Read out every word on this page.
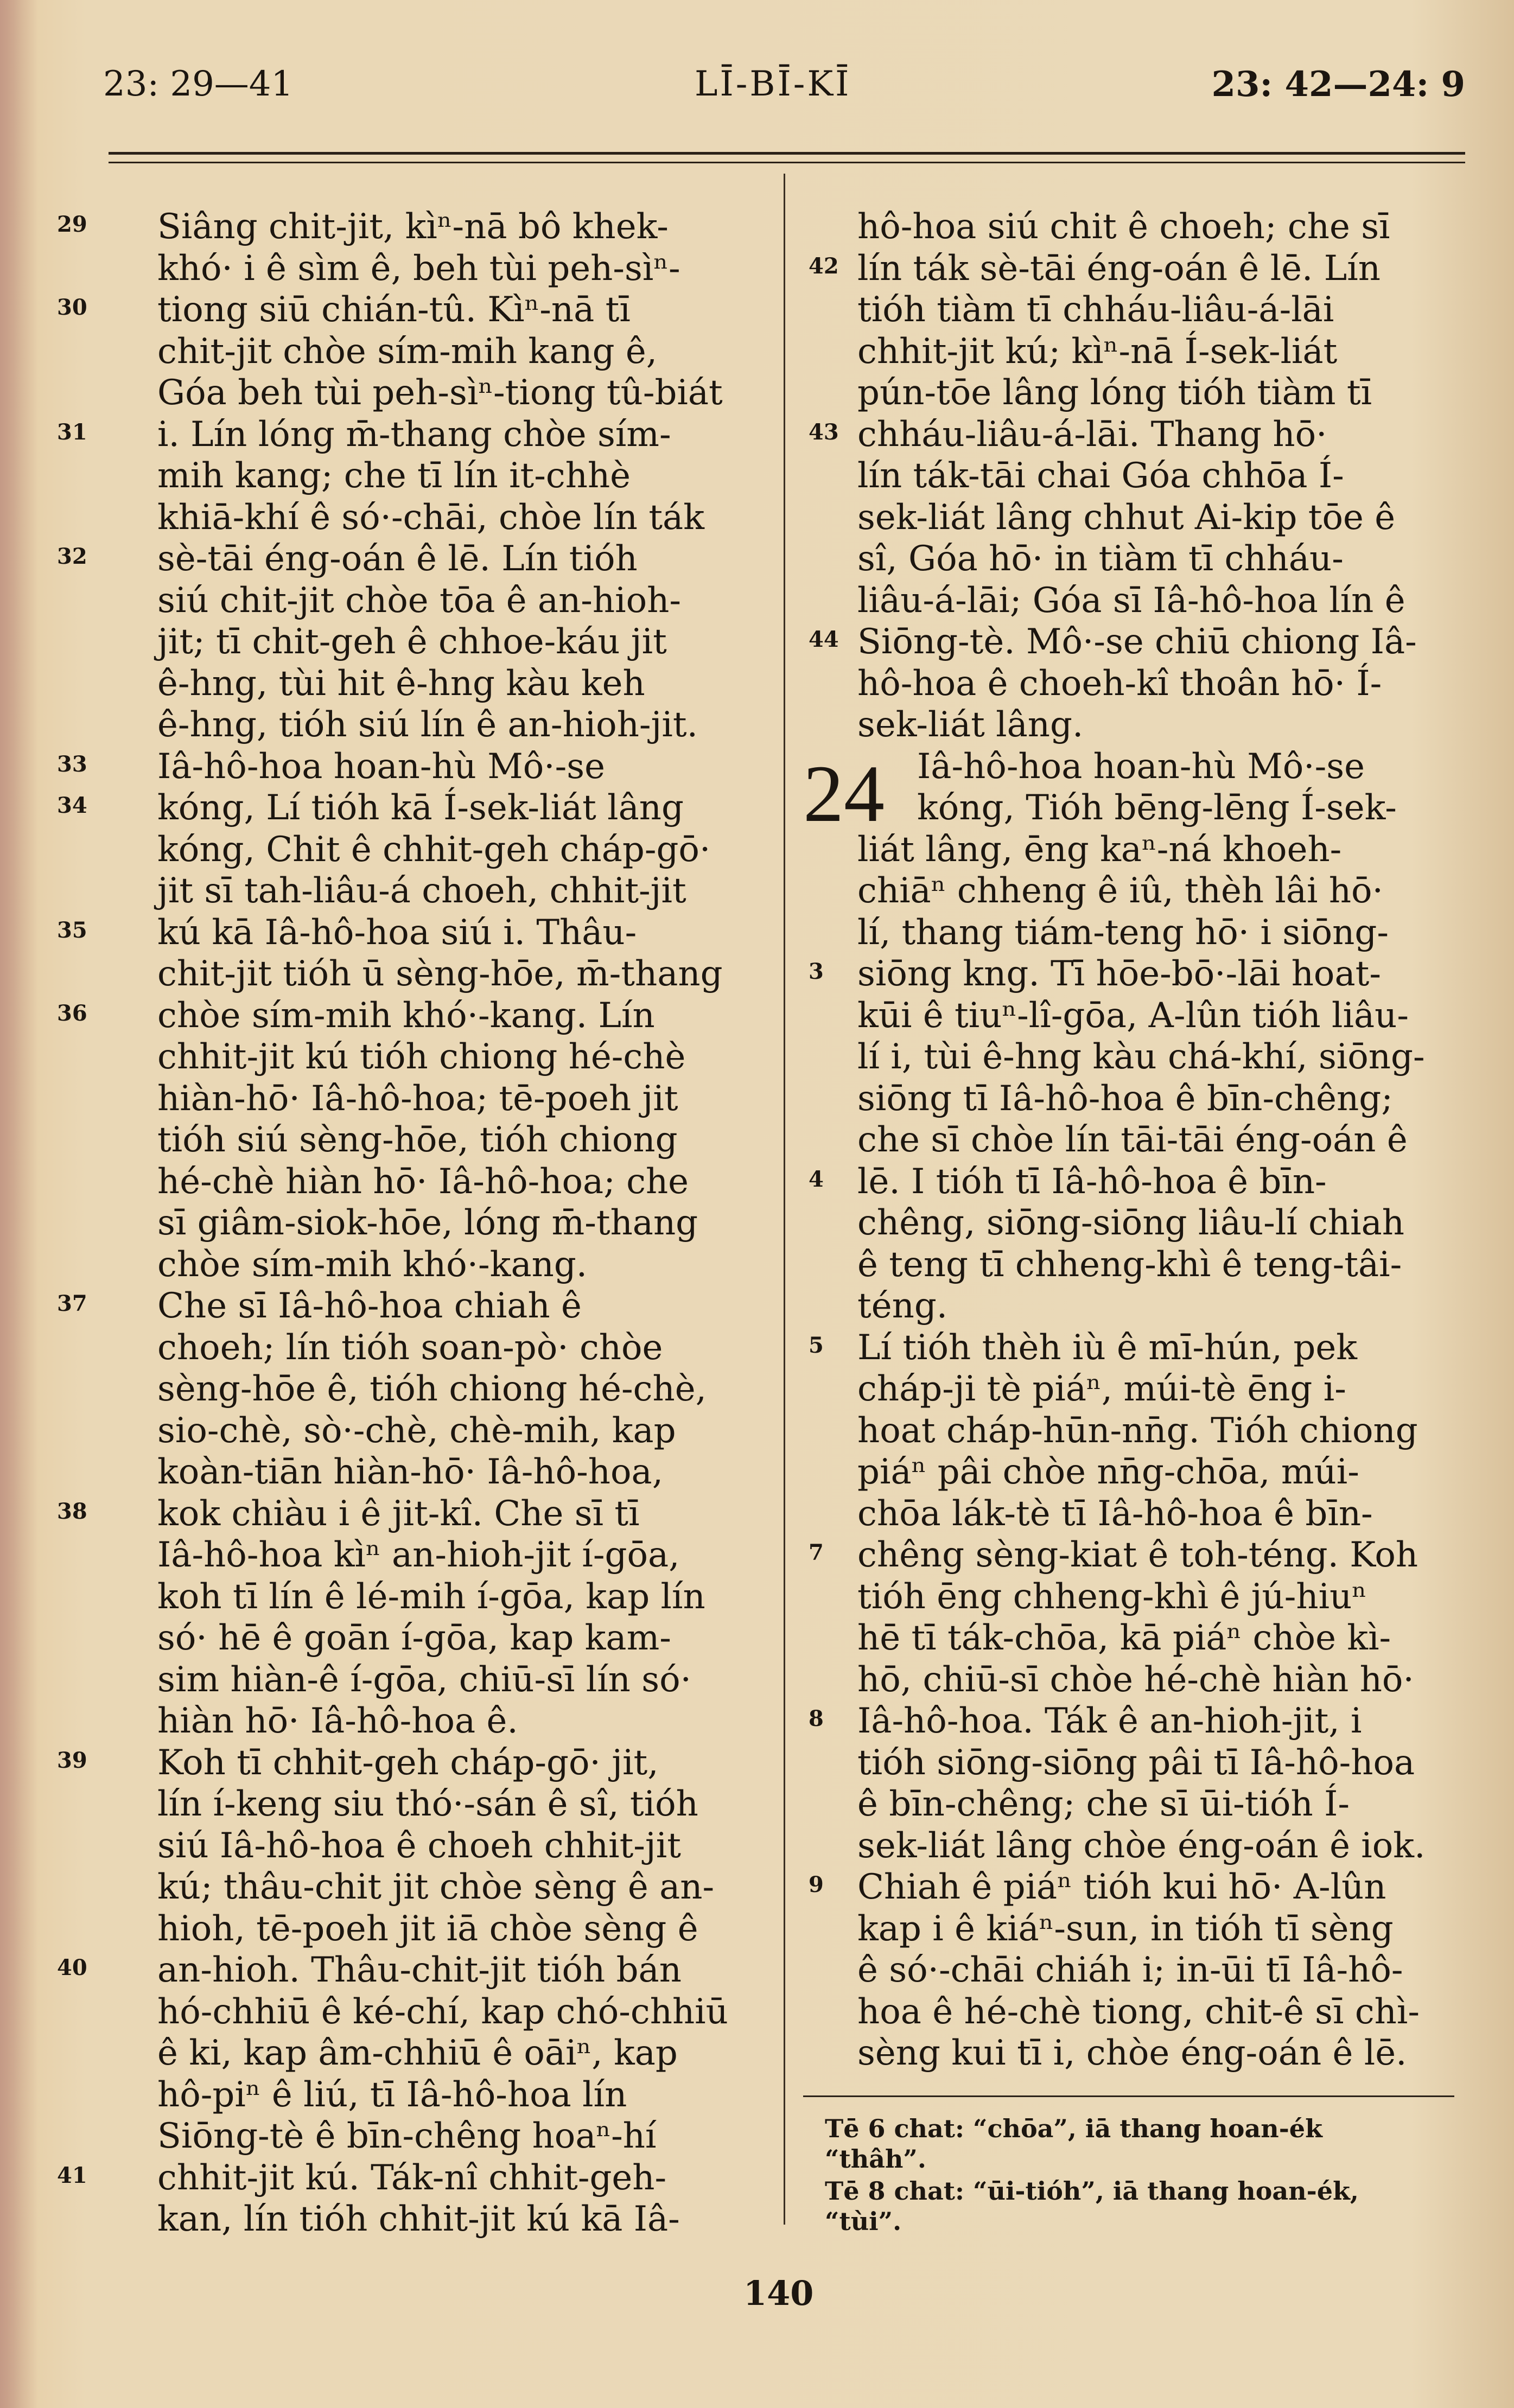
23: 29—41	LĪ-BĪ-KĪ	23: 42—24: 9
29 Siâng chit-jit, kìⁿ-nā bô khek-
khó· i ê sìm ê, beh tùi peh-sìⁿ-
30 tiong siū chián-tû. Kìⁿ-nā tī
chit-jit chòe sím-mih kang ê,
Góa beh tùi peh-sìⁿ-tiong tû-biát
31 i. Lín lóng m̄-thang chòe sím-
mih kang; che tī lín it-chhè
khiā-khí ê só·-chāi, chòe lín ták
32 sè-tāi éng-oán ê lē. Lín tióh
siú chit-jit chòe tōa ê an-hioh-
jit; tī chit-geh ê chhoe-káu jit
ê-hng, tùi hit ê-hng kàu keh
ê-hng, tióh siú lín ê an-hioh-jit.
33 Iâ-hô-hoa hoan-hù Mô·-se
34 kóng, Lí tióh kā Í-sek-liát lâng
kóng, Chit ê chhit-geh cháp-gō·
jit sī tah-liâu-á choeh, chhit-jit
35 kú kā Iâ-hô-hoa siú i. Thâu-
chit-jit tióh ū sèng-hōe, m̄-thang
36 chòe sím-mih khó·-kang. Lín
chhit-jit kú tióh chiong hé-chè
hiàn-hō· Iâ-hô-hoa; tē-poeh jit
tióh siú sèng-hōe, tióh chiong
hé-chè hiàn hō· Iâ-hô-hoa; che
sī giâm-siok-hōe, lóng m̄-thang
chòe sím-mih khó·-kang.
37 Che sī Iâ-hô-hoa chiah ê
choeh; lín tióh soan-pò· chòe
sèng-hōe ê, tióh chiong hé-chè,
sio-chè, sò·-chè, chè-mih, kap
koàn-tiān hiàn-hō· Iâ-hô-hoa,
38 kok chiàu i ê jit-kî. Che sī tī
Iâ-hô-hoa kìⁿ an-hioh-jit í-gōa,
koh tī lín ê lé-mih í-gōa, kap lín
só· hē ê goān í-gōa, kap kam-
sim hiàn-ê í-gōa, chiū-sī lín só·
hiàn hō· Iâ-hô-hoa ê.
39 Koh tī chhit-geh cháp-gō· jit,
lín í-keng siu thó·-sán ê sî, tióh
siú Iâ-hô-hoa ê choeh chhit-jit
kú; thâu-chit jit chòe sèng ê an-
hioh, tē-poeh jit iā chòe sèng ê
40 an-hioh. Thâu-chit-jit tióh bán
hó-chhiū ê ké-chí, kap chó-chhiū
ê ki, kap âm-chhiū ê oāiⁿ, kap
hô-piⁿ ê liú, tī Iâ-hô-hoa lín
Siōng-tè ê bīn-chêng hoaⁿ-hí
41 chhit-jit kú. Ták-nî chhit-geh-
kan, lín tióh chhit-jit kú kā Iâ-
hô-hoa siú chit ê choeh; che sī
42 lín ták sè-tāi éng-oán ê lē. Lín
tióh tiàm tī chháu-liâu-á-lāi
chhit-jit kú; kìⁿ-nā Í-sek-liát
pún-tōe lâng lóng tióh tiàm tī
43 chháu-liâu-á-lāi. Thang hō·
lín ták-tāi chai Góa chhōa Í-
sek-liát lâng chhut Ai-kip tōe ê
sî, Góa hō· in tiàm tī chháu-
liâu-á-lāi; Góa sī Iâ-hô-hoa lín ê
44 Siōng-tè. Mô·-se chiū chiong Iâ-
hô-hoa ê choeh-kî thoân hō· Í-
sek-liát lâng.
Iâ-hô-hoa hoan-hù Mô·-se
kóng, Tióh bēng-lēng Í-sek-
liát lâng, ēng kaⁿ-ná khoeh-
chiāⁿ chheng ê iû, thèh lâi hō·
lí, thang tiám-teng hō· i siōng-
3 siōng kng. Tī hōe-bō·-lāi hoat-
kūi ê tiuⁿ-lî-gōa, A-lûn tióh liâu-
lí i, tùi ê-hng kàu chá-khí, siōng-
siōng tī Iâ-hô-hoa ê bīn-chêng;
che sī chòe lín tāi-tāi éng-oán ê
4 lē. I tióh tī Iâ-hô-hoa ê bīn-
chêng, siōng-siōng liâu-lí chiah
ê teng tī chheng-khì ê teng-tâi-
téng.
5 Lí tióh thèh iù ê mī-hún, pek
cháp-ji tè piáⁿ, múi-tè ēng i-
hoat cháp-hūn-nn̄g. Tióh chiong
piáⁿ pâi chòe nn̄g-chōa, múi-
chōa lák-tè tī Iâ-hô-hoa ê bīn-
7 chêng sèng-kiat ê toh-téng. Koh
tióh ēng chheng-khì ê jú-hiuⁿ
hē tī ták-chōa, kā piáⁿ chòe kì-
hō, chiū-sī chòe hé-chè hiàn hō·
8 Iâ-hô-hoa. Ták ê an-hioh-jit, i
tióh siōng-siōng pâi tī Iâ-hô-hoa
ê bīn-chêng; che sī ūi-tióh Í-
sek-liát lâng chòe éng-oán ê iok.
9 Chiah ê piáⁿ tióh kui hō· A-lûn
kap i ê kiáⁿ-sun, in tióh tī sèng
ê só·-chāi chiáh i; in-ūi tī Iâ-hô-
hoa ê hé-chè tiong, chit-ê sī chì-
sèng kui tī i, chòe éng-oán ê lē.
24
Tē 6 chat: “chōa”, iā thang hoan-ék
“thâh”.
Tē 8 chat: “ūi-tióh”, iā thang hoan-ék,
“tùi”.
140
